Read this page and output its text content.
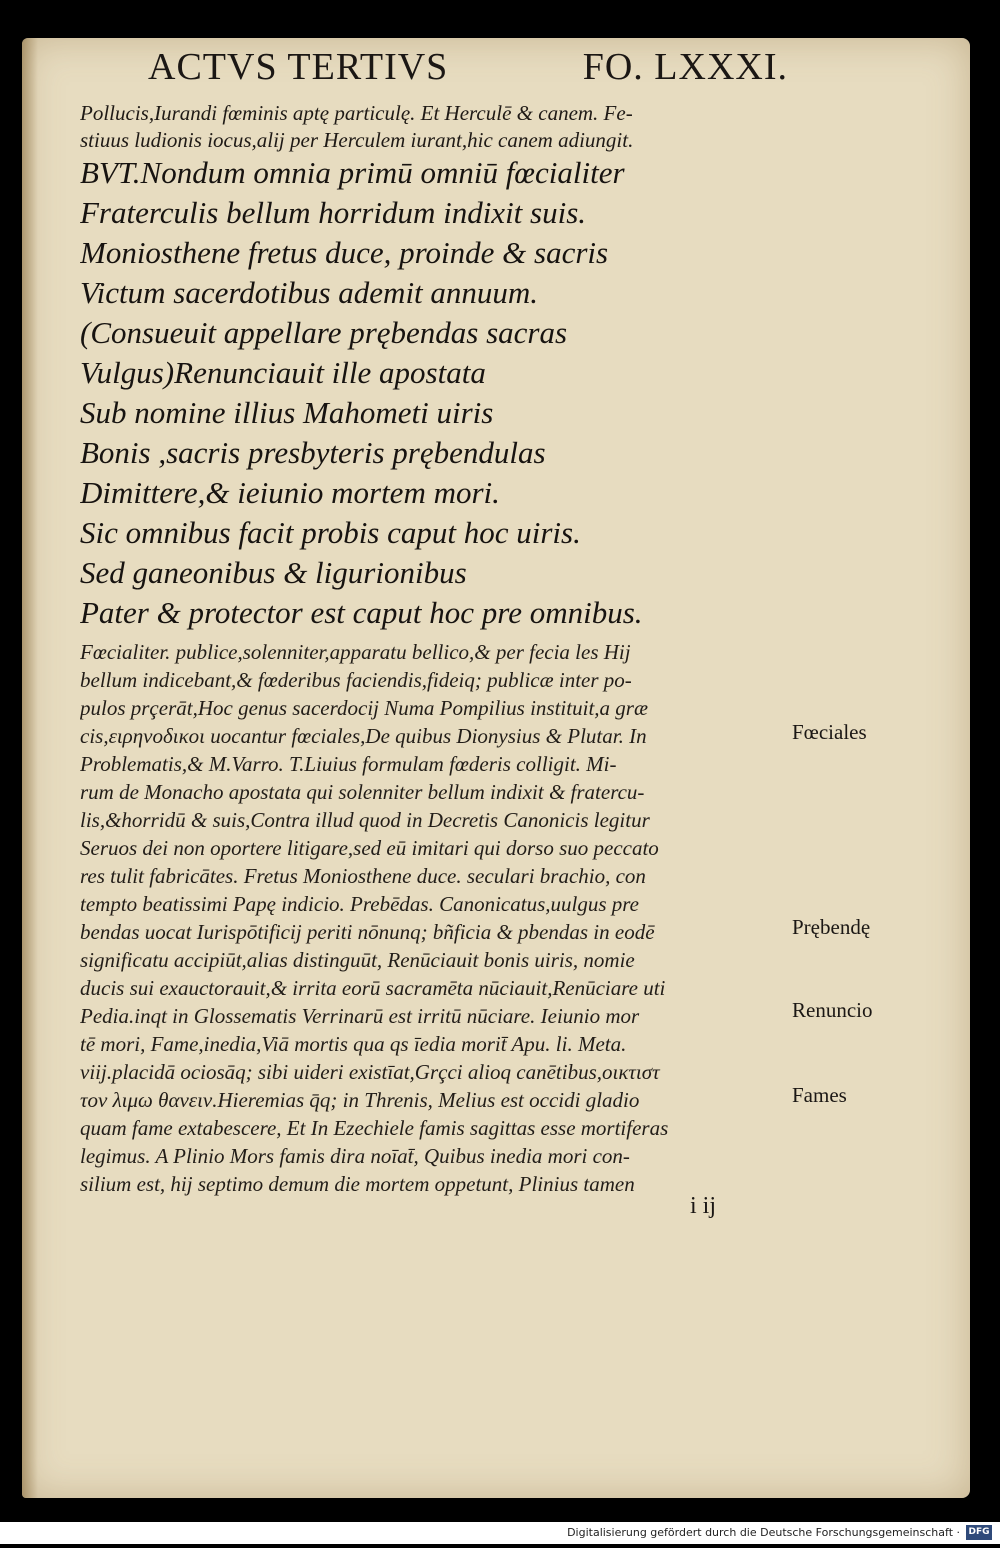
ACTVS TERTIVS	FO. LXXXI.
Pollucis,Iurandi fœminis aptę particulę. Et Herculē & canem. Fe-
stiuus ludionis iocus,alij per Herculem iurant,hic canem adiungit.
BVT.Nondum omnia primū omniū fœcialiter
Fraterculis bellum horridum indixit suis.
Moniosthene fretus duce, proinde & sacris
Victum sacerdotibus ademit annuum.
(Consueuit appellare prębendas sacras
Vulgus)Renunciauit ille apostata
Sub nomine illius Mahometi uiris
Bonis ,sacris presbyteris prębendulas
Dimittere,& ieiunio mortem mori.
Sic omnibus facit probis caput hoc uiris.
Sed ganeonibus & ligurionibus
Pater & protector est caput hoc pre omnibus.
Fœcialiter. publice,solenniter,apparatu bellico,& per fecia les Hij
bellum indicebant,& fœderibus faciendis,fideiq; publicæ inter po-
pulos prçerāt,Hoc genus sacerdocij Numa Pompilius instituit,a græ
cis,ειρηνοδικοι uocantur fœciales,De quibus Dionysius & Plutar. In
Problematis,& M.Varro. T.Liuius formulam fœderis colligit. Mi-
rum de Monacho apostata qui solenniter bellum indixit & fratercu-
lis,&horridū & suis,Contra illud quod in Decretis Canonicis legitur
Seruos dei non oportere litigare,sed eū imitari qui dorso suo peccato
res tulit fabricātes. Fretus Moniosthene duce. seculari brachio, con
tempto beatissimi Papę indicio. Prebēdas. Canonicatus,uulgus pre
bendas uocat Iurispōtificij periti nōnunq; bñficia & pbendas in eodē
significatu accipiūt,alias distinguūt, Renūciauit bonis uiris, nomie
ducis sui exauctorauit,& irrita eorū sacramēta nūciauit,Renūciare uti
Pedia.inqt in Glossematis Verrinarū est irritū nūciare. Ieiunio mor
tē mori, Fame,inedia,Viā mortis qua qs īedia morit̄ Apu. li. Meta.
viij.placidā ociosāq; sibi uideri existīat,Grçci alioq canētibus,οικτιστ
τον λιμω θανειν.Hieremias q̄q; in Threnis, Melius est occidi gladio
quam fame extabescere, Et In Ezechiele famis sagittas esse mortiferas
legimus. A Plinio Mors famis dira noīat̄, Quibus inedia mori con-
silium est, hij septimo demum die mortem oppetunt, Plinius tamen
Fœciales
Prębendę
Renuncio
Fames
i ij
Digitalisierung gefördert durch die Deutsche Forschungsgemeinschaft · DFG
